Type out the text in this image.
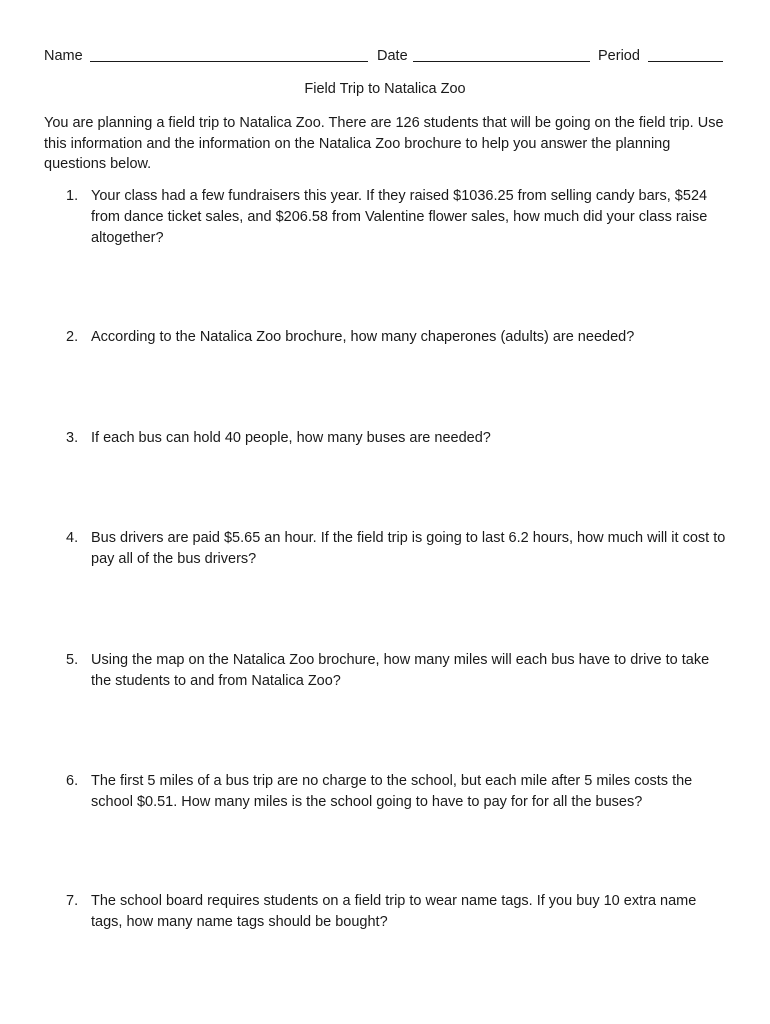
Name	Date	Period
Field Trip to Natalica Zoo
You are planning a field trip to Natalica Zoo. There are 126 students that will be going on the field trip. Use this information and the information on the Natalica Zoo brochure to help you answer the planning questions below.
1. Your class had a few fundraisers this year. If they raised $1036.25 from selling candy bars, $524 from dance ticket sales, and $206.58 from Valentine flower sales, how much did your class raise altogether?
2. According to the Natalica Zoo brochure, how many chaperones (adults) are needed?
3. If each bus can hold 40 people, how many buses are needed?
4. Bus drivers are paid $5.65 an hour. If the field trip is going to last 6.2 hours, how much will it cost to pay all of the bus drivers?
5. Using the map on the Natalica Zoo brochure, how many miles will each bus have to drive to take the students to and from Natalica Zoo?
6. The first 5 miles of a bus trip are no charge to the school, but each mile after 5 miles costs the school $0.51. How many miles is the school going to have to pay for for all the buses?
7. The school board requires students on a field trip to wear name tags. If you buy 10 extra name tags, how many name tags should be bought?
